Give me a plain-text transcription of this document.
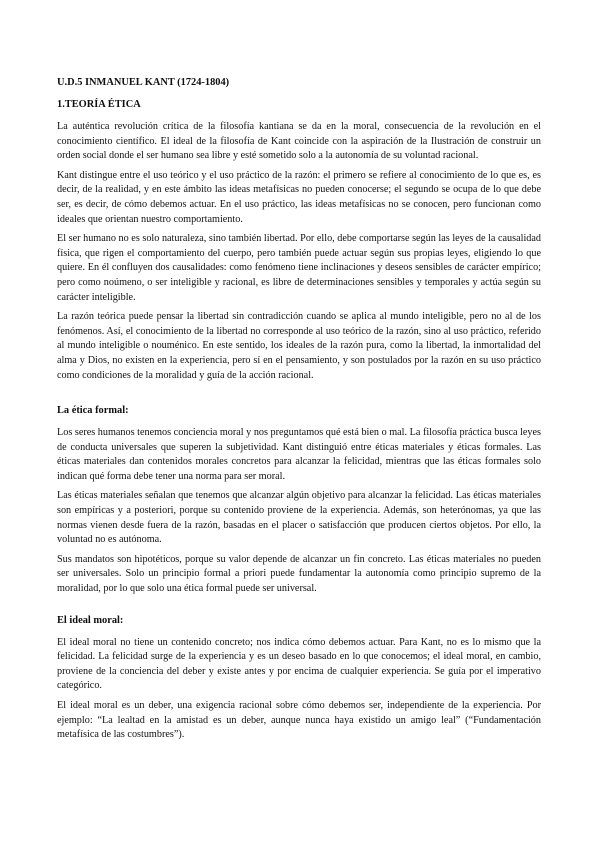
U.D.5 INMANUEL KANT (1724-1804)
1.TEORÍA ÉTICA

La auténtica revolución crítica de la filosofía kantiana se da en la moral, consecuencia de la revolución en el conocimiento científico. El ideal de la filosofía de Kant coincide con la aspiración de la Ilustración de construir un orden social donde el ser humano sea libre y esté sometido solo a la autonomía de su voluntad racional.

Kant distingue entre el uso teórico y el uso práctico de la razón: el primero se refiere al conocimiento de lo que es, es decir, de la realidad, y en este ámbito las ideas metafísicas no pueden conocerse; el segundo se ocupa de lo que debe ser, es decir, de cómo debemos actuar. En el uso práctico, las ideas metafísicas no se conocen, pero funcionan como ideales que orientan nuestro comportamiento.

El ser humano no es solo naturaleza, sino también libertad. Por ello, debe comportarse según las leyes de la causalidad física, que rigen el comportamiento del cuerpo, pero también puede actuar según sus propias leyes, eligiendo lo que quiere. En él confluyen dos causalidades: como fenómeno tiene inclinaciones y deseos sensibles de carácter empírico; pero como noúmeno, o ser inteligible y racional, es libre de determinaciones sensibles y temporales y actúa según su carácter inteligible.

La razón teórica puede pensar la libertad sin contradicción cuando se aplica al mundo inteligible, pero no al de los fenómenos. Así, el conocimiento de la libertad no corresponde al uso teórico de la razón, sino al uso práctico, referido al mundo inteligible o nouménico. En este sentido, los ideales de la razón pura, como la libertad, la inmortalidad del alma y Dios, no existen en la experiencia, pero sí en el pensamiento, y son postulados por la razón en su uso práctico como condiciones de la moralidad y guía de la acción racional.

La ética formal:

Los seres humanos tenemos conciencia moral y nos preguntamos qué está bien o mal. La filosofía práctica busca leyes de conducta universales que superen la subjetividad. Kant distinguió entre éticas materiales y éticas formales. Las éticas materiales dan contenidos morales concretos para alcanzar la felicidad, mientras que las éticas formales solo indican qué forma debe tener una norma para ser moral.

Las éticas materiales señalan que tenemos que alcanzar algún objetivo para alcanzar la felicidad. Las éticas materiales son empíricas y a posteriori, porque su contenido proviene de la experiencia. Además, son heterónomas, ya que las normas vienen desde fuera de la razón, basadas en el placer o satisfacción que producen ciertos objetos. Por ello, la voluntad no es autónoma.

Sus mandatos son hipotéticos, porque su valor depende de alcanzar un fin concreto. Las éticas materiales no pueden ser universales. Solo un principio formal a priori puede fundamentar la autonomía como principio supremo de la moralidad, por lo que solo una ética formal puede ser universal.

El ideal moral:

El ideal moral no tiene un contenido concreto; nos indica cómo debemos actuar. Para Kant, no es lo mismo que la felicidad. La felicidad surge de la experiencia y es un deseo basado en lo que conocemos; el ideal moral, en cambio, proviene de la conciencia del deber y existe antes y por encima de cualquier experiencia. Se guía por el imperativo categórico.

El ideal moral es un deber, una exigencia racional sobre cómo debemos ser, independiente de la experiencia. Por ejemplo: “La lealtad en la amistad es un deber, aunque nunca haya existido un amigo leal” (“Fundamentación metafísica de las costumbres”).
